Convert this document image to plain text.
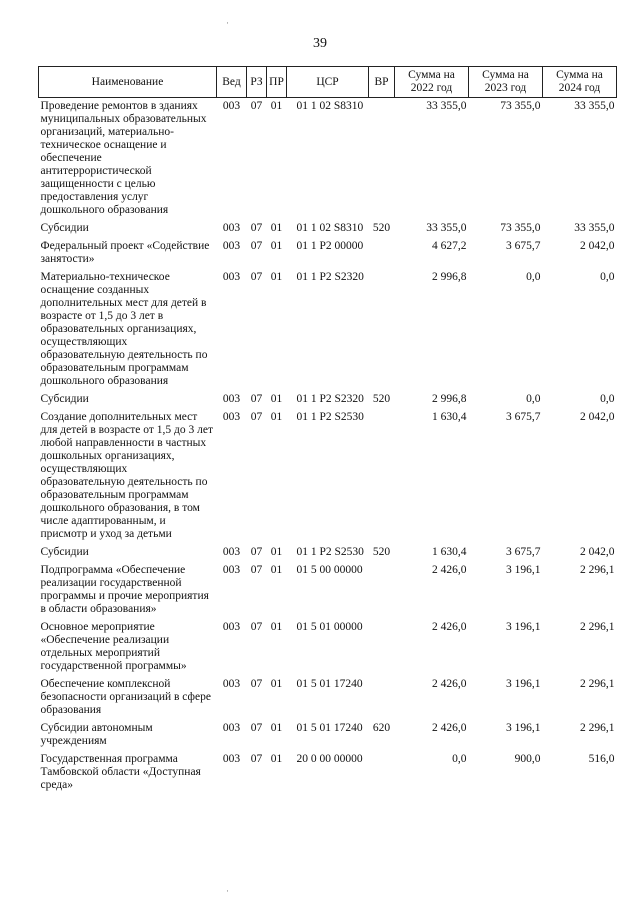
39
Наименование	Вед	РЗ	ПР	ЦСР	ВР	Сумма на 2022 год	Сумма на 2023 год	Сумма на 2024 год
Проведение ремонтов в зданиях муниципальных образовательных организаций, материально-техническое оснащение и обеспечение антитеррористической защищенности с целью предоставления услуг дошкольного образования	003	07	01	01 1 02 S8310		33 355,0	73 355,0	33 355,0
Субсидии	003	07	01	01 1 02 S8310	520	33 355,0	73 355,0	33 355,0
Федеральный проект «Содействие занятости»	003	07	01	01 1 Р2 00000		4 627,2	3 675,7	2 042,0
Материально-техническое оснащение созданных дополнительных мест для детей в возрасте от 1,5 до 3 лет в образовательных организациях, осуществляющих образовательную деятельность по образовательным программам дошкольного образования	003	07	01	01 1 Р2 S2320		2 996,8	0,0	0,0
Субсидии	003	07	01	01 1 Р2 S2320	520	2 996,8	0,0	0,0
Создание дополнительных мест для детей в возрасте от 1,5 до 3 лет любой направленности в частных дошкольных организациях, осуществляющих образовательную деятельность по образовательным программам дошкольного образования, в том числе адаптированным, и присмотр и уход за детьми	003	07	01	01 1 Р2 S2530		1 630,4	3 675,7	2 042,0
Субсидии	003	07	01	01 1 Р2 S2530	520	1 630,4	3 675,7	2 042,0
Подпрограмма «Обеспечение реализации государственной программы и прочие мероприятия в области образования»	003	07	01	01 5 00 00000		2 426,0	3 196,1	2 296,1
Основное мероприятие «Обеспечение реализации отдельных мероприятий государственной программы»	003	07	01	01 5 01 00000		2 426,0	3 196,1	2 296,1
Обеспечение комплексной безопасности организаций в сфере образования	003	07	01	01 5 01 17240		2 426,0	3 196,1	2 296,1
Субсидии автономным учреждениям	003	07	01	01 5 01 17240	620	2 426,0	3 196,1	2 296,1
Государственная программа Тамбовской области «Доступная среда»	003	07	01	20 0 00 00000		0,0	900,0	516,0
·
·
